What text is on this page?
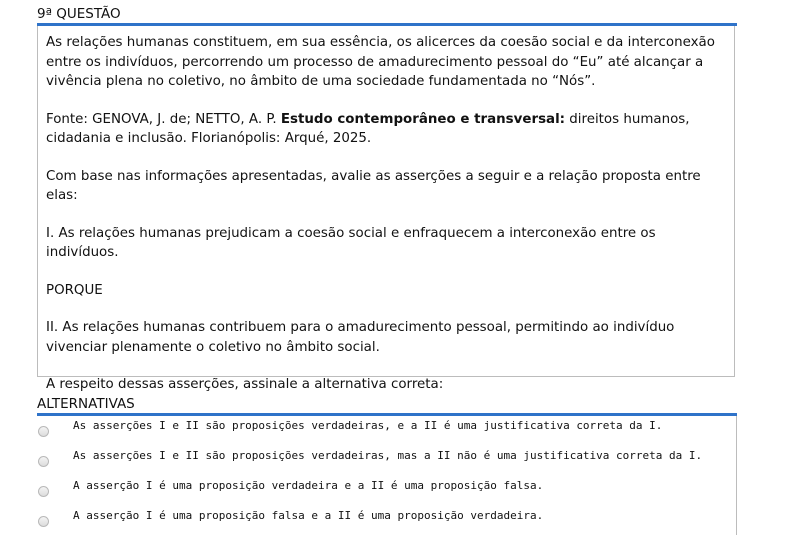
9ª QUESTÃO

As relações humanas constituem, em sua essência, os alicerces da coesão social e da interconexão entre os indivíduos, percorrendo um processo de amadurecimento pessoal do “Eu” até alcançar a vivência plena no coletivo, no âmbito de uma sociedade fundamentada no “Nós”.

Fonte: GENOVA, J. de; NETTO, A. P. Estudo contemporâneo e transversal: direitos humanos, cidadania e inclusão. Florianópolis: Arqué, 2025.

Com base nas informações apresentadas, avalie as asserções a seguir e a relação proposta entre elas:

I. As relações humanas prejudicam a coesão social e enfraquecem a interconexão entre os indivíduos.

PORQUE

II. As relações humanas contribuem para o amadurecimento pessoal, permitindo ao indivíduo vivenciar plenamente o coletivo no âmbito social.

A respeito dessas asserções, assinale a alternativa correta:

ALTERNATIVAS
As asserções I e II são proposições verdadeiras, e a II é uma justificativa correta da I.
As asserções I e II são proposições verdadeiras, mas a II não é uma justificativa correta da I.
A asserção I é uma proposição verdadeira e a II é uma proposição falsa.
A asserção I é uma proposição falsa e a II é uma proposição verdadeira.
